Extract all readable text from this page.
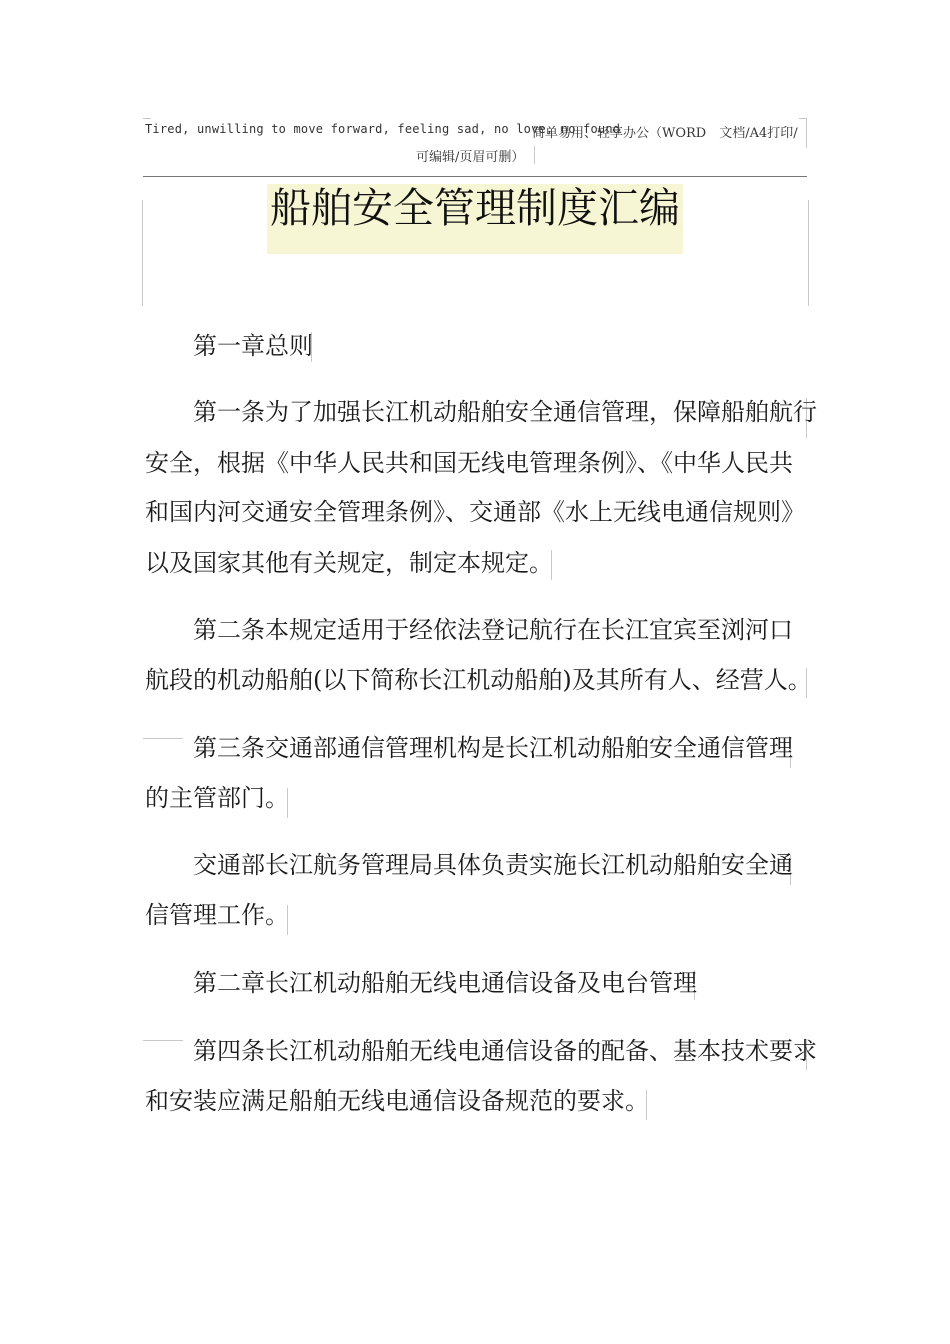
Tired, unwilling to move forward, feeling sad, no love, no found
简单易用、轻享办公（WORD　文档/A4打印/
可编辑/页眉可删）
船舶安全管理制度汇编
第一章总则
第一条为了加强长江机动船舶安全通信管理，保障船舶航行
安全，根据《中华人民共和国无线电管理条例》、《中华人民共
和国内河交通安全管理条例》、交通部《水上无线电通信规则》
以及国家其他有关规定，制定本规定。
第二条本规定适用于经依法登记航行在长江宜宾至浏河口
航段的机动船舶(以下简称长江机动船舶)及其所有人、经营人。
第三条交通部通信管理机构是长江机动船舶安全通信管理
的主管部门。
交通部长江航务管理局具体负责实施长江机动船舶安全通
信管理工作。
第二章长江机动船舶无线电通信设备及电台管理
第四条长江机动船舶无线电通信设备的配备、基本技术要求
和安装应满足船舶无线电通信设备规范的要求。
